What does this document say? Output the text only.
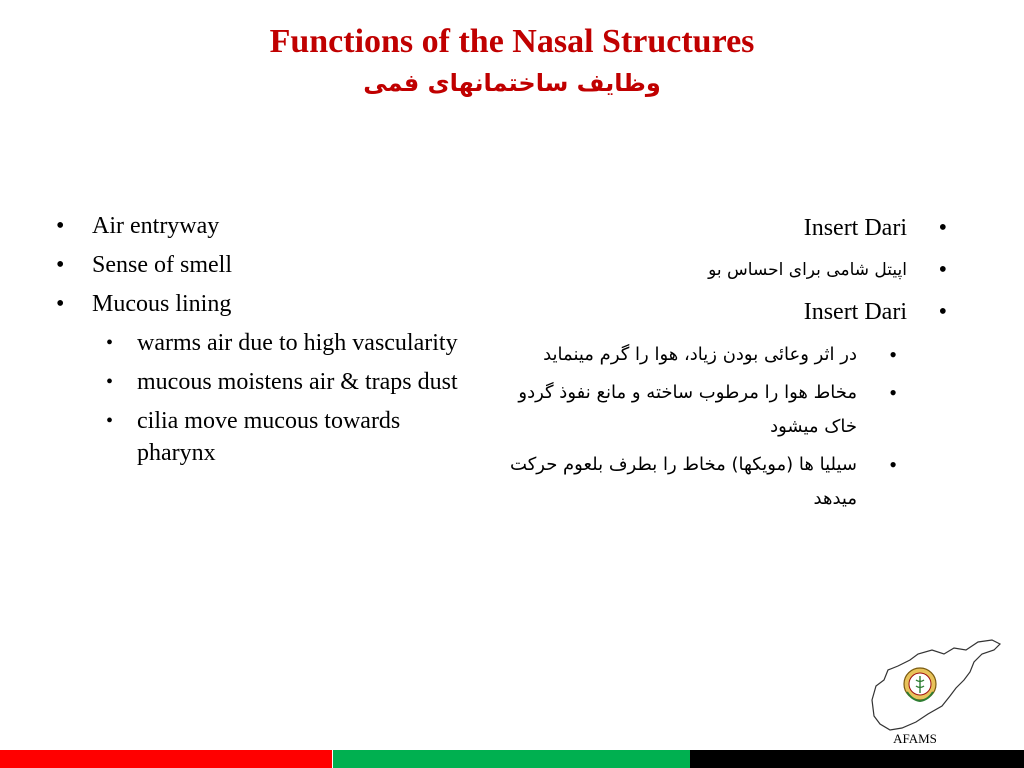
Functions of the Nasal Structures
وظایف ساختمانهای فمی
• Air entryway
• Sense of smell
• Mucous lining
• warms air due to high vascularity
• mucous moistens air & traps dust
• cilia move mucous towards pharynx
•
Insert Dari
•
اپیتل شامی برای احساس بو
•
Insert Dari
•
در اثر وعائی بودن زیاد، هوا را گرم مینماید
•
مخاط هوا را مرطوب ساخته و مانع نفوذ گردو خاک میشود
•
سیلیا ها (مویکها) مخاط را بطرف بلعوم حرکت میدهد
AFAMS
